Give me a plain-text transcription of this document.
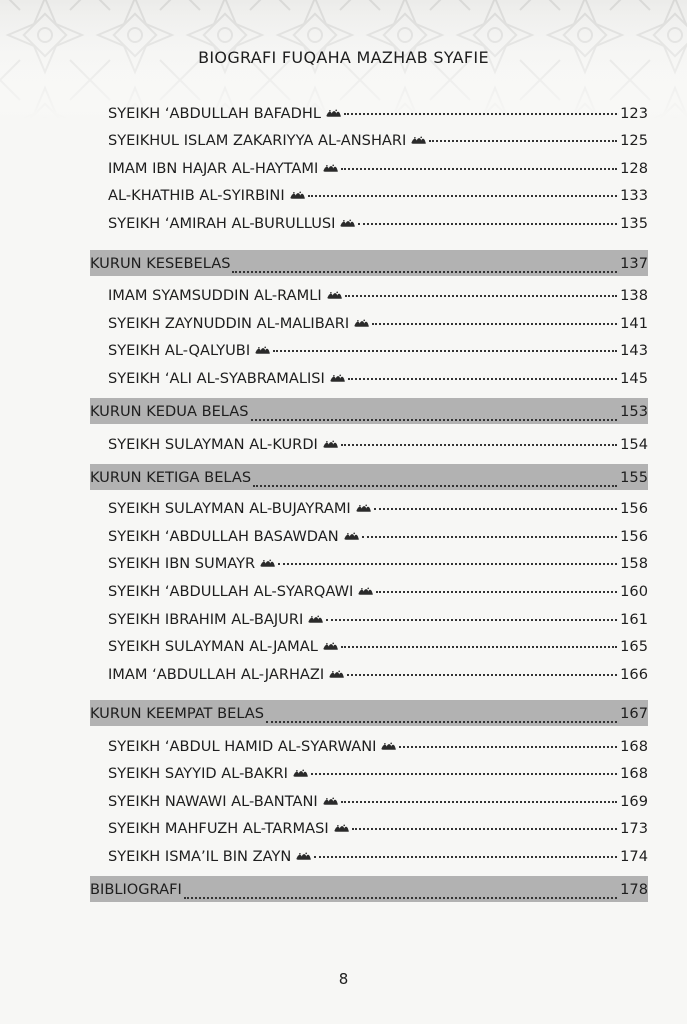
BIOGRAFI FUQAHA MAZHAB SYAFIE
SYEIKH ‘ABDULLAH BAFADHL	123
SYEIKHUL ISLAM ZAKARIYYA AL-ANSHARI	125
IMAM IBN HAJAR AL-HAYTAMI	128
AL-KHATHIB AL-SYIRBINI	133
SYEIKH ‘AMIRAH AL-BURULLUSI	135
KURUN KESEBELAS	137
IMAM SYAMSUDDIN AL-RAMLI	138
SYEIKH ZAYNUDDIN AL-MALIBARI	141
SYEIKH AL-QALYUBI	143
SYEIKH ‘ALI AL-SYABRAMALISI	145
KURUN KEDUA BELAS	153
SYEIKH SULAYMAN AL-KURDI	154
KURUN KETIGA BELAS	155
SYEIKH SULAYMAN AL-BUJAYRAMI	156
SYEIKH ‘ABDULLAH BASAWDAN	156
SYEIKH IBN SUMAYR	158
SYEIKH ‘ABDULLAH AL-SYARQAWI	160
SYEIKH IBRAHIM AL-BAJURI	161
SYEIKH SULAYMAN AL-JAMAL	165
IMAM ‘ABDULLAH AL-JARHAZI	166
KURUN KEEMPAT BELAS	167
SYEIKH ‘ABDUL HAMID AL-SYARWANI	168
SYEIKH SAYYID AL-BAKRI	168
SYEIKH NAWAWI AL-BANTANI	169
SYEIKH MAHFUZH AL-TARMASI	173
SYEIKH ISMA’IL BIN ZAYN	174
BIBLIOGRAFI	178
8
